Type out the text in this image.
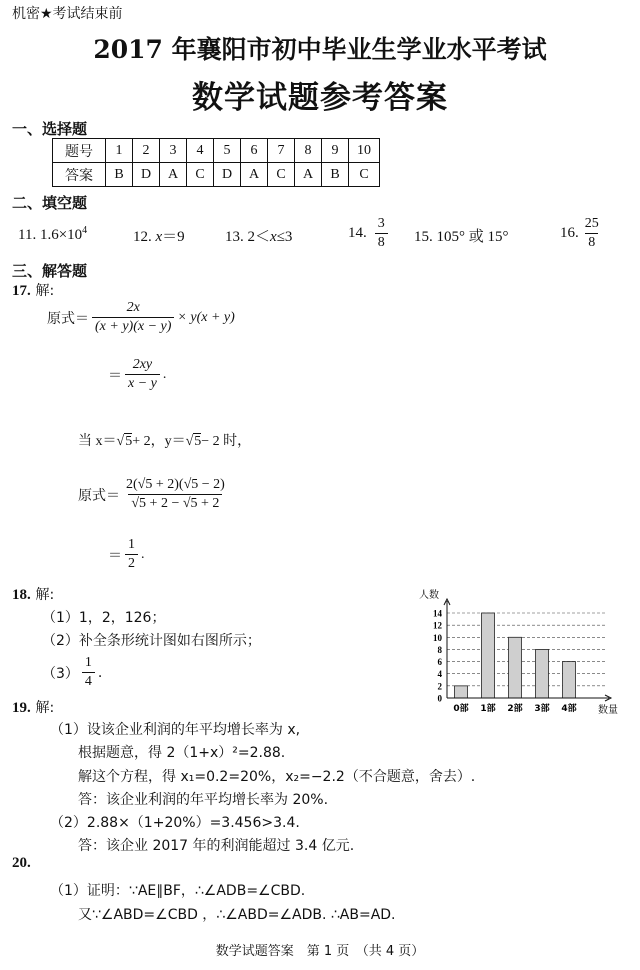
机密★考试结束前
2017 年襄阳市初中毕业生学业水平考试
数学试题参考答案
一、选择题
题号	1	2	3	4	5	6	7	8	9	10
答案	B	D	A	C	D	A	C	A	B	C
二、填空题
11. $1.6\times 10^4$	12. x＝9	13. 2＜x≤3	14. $\frac{3}{8} 15$. 105° 或 15°	16. $\frac{25}{8}$
三、解答题
17. 解:
原式＝ $\frac{2x}{(x + y)(x - y)} \times y(x + y)$
＝ $\frac{2xy}{x - y}$ .
当 x＝√5+ 2，y＝√5− 2 时，
原式＝ $\frac{2(√5 + 2)(√5 - 2)}{√5 + 2 - √5 + 2}$
＝ $\frac{1}{2}$ .
18. 解:
（1）1，2，126；
（2）补全条形统计图如右图所示；
$(3) \frac{1}{4}$ .
人数
数量
0
2
4
6
8
10
12
14
0部 1部 2部 3部 4部
19. 解:
（1）设该企业利润的年平均增长率为 x,
根据题意，得 2（1+x）²=2.88.
解这个方程，得 x₁=0.2=20%，x₂=−2.2（不合题意，舍去）.
答：该企业利润的年平均增长率为 20%.
（2）2.88×（1+20%）=3.456>3.4.
答：该企业 2017 年的利润能超过 3.4 亿元.
20.
（1）证明：∵AE∥BF，∴∠ADB=∠CBD.
又∵∠ABD=∠CBD ，∴∠ABD=∠ADB. ∴AB=AD.
数学试题答案　第 1 页　（共 4 页）
